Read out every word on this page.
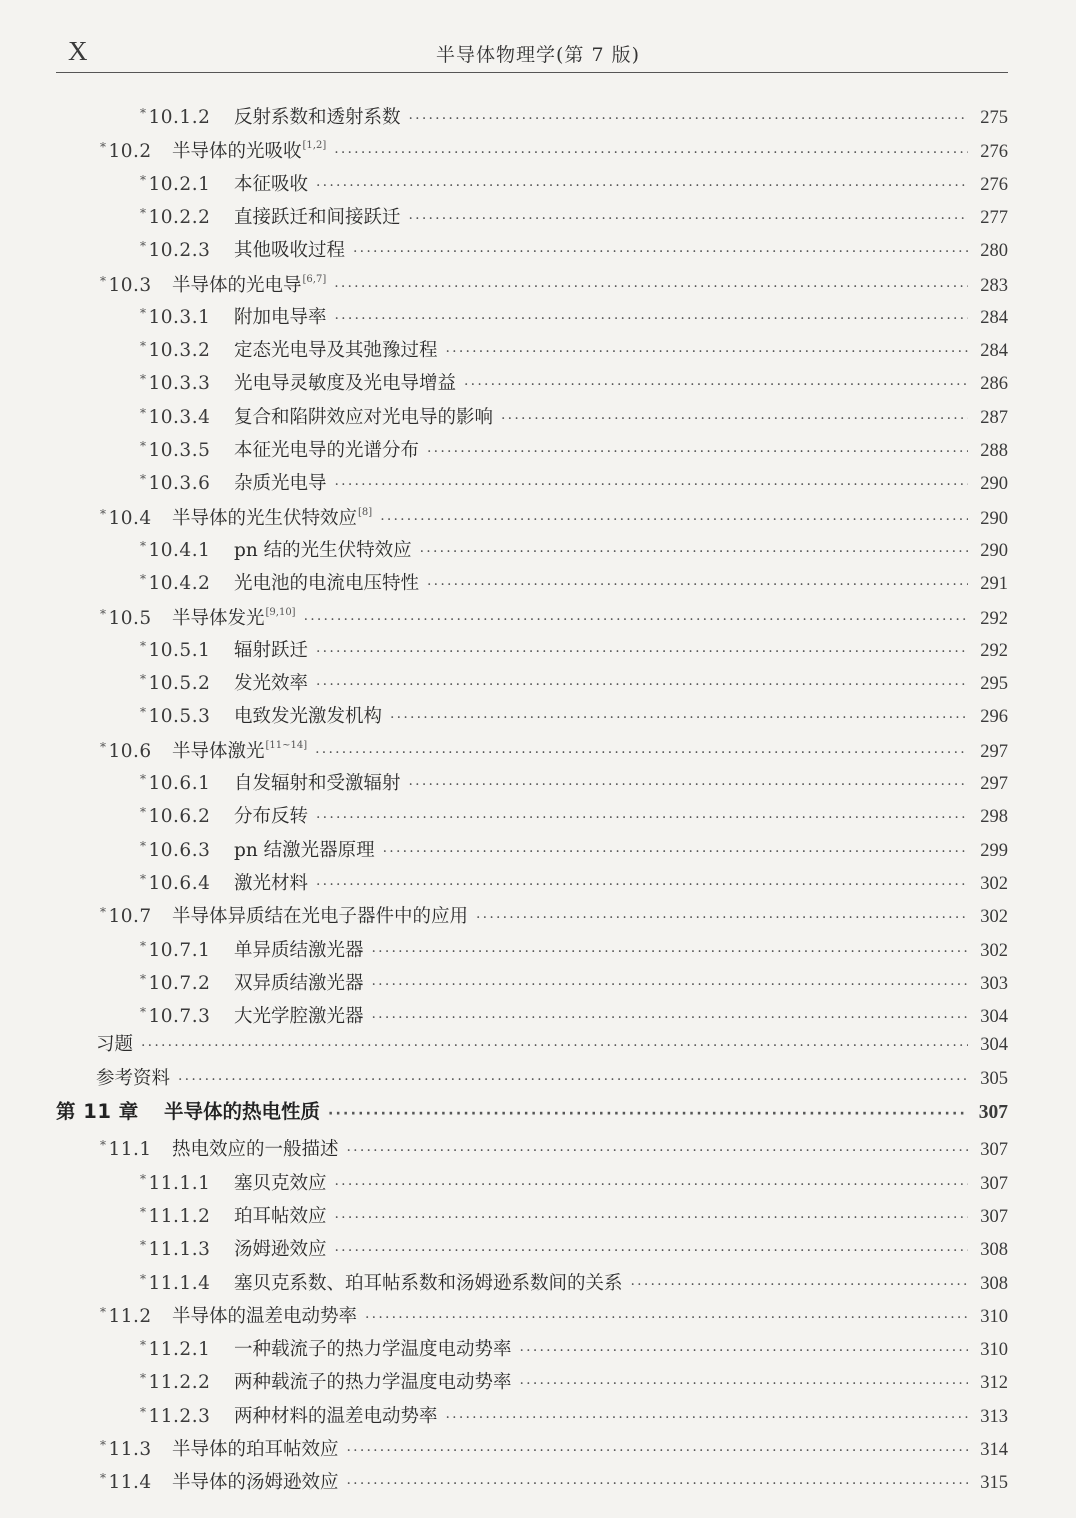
X	半导体物理学(第 7 版)
* 10.1.2	反射系数和透射系数 ·····	275
* 10.2	半导体的光吸收[1,2] ·····	276
* 10.2.1	本征吸收 ·····	276
* 10.2.2	直接跃迁和间接跃迁 ·····	277
* 10.2.3	其他吸收过程 ·····	280
* 10.3	半导体的光电导[6,7] ·····	283
* 10.3.1	附加电导率 ·····	284
* 10.3.2	定态光电导及其弛豫过程 ·····	284
* 10.3.3	光电导灵敏度及光电导增益 ·····	286
* 10.3.4	复合和陷阱效应对光电导的影响 ·····	287
* 10.3.5	本征光电导的光谱分布 ·····	288
* 10.3.6	杂质光电导 ·····	290
* 10.4	半导体的光生伏特效应[8] ·····	290
* 10.4.1	pn 结的光生伏特效应 ·····	290
* 10.4.2	光电池的电流电压特性 ·····	291
* 10.5	半导体发光[9,10] ·····	292
* 10.5.1	辐射跃迁 ·····	292
* 10.5.2	发光效率 ·····	295
* 10.5.3	电致发光激发机构 ·····	296
* 10.6	半导体激光[11~14] ·····	297
* 10.6.1	自发辐射和受激辐射 ·····	297
* 10.6.2	分布反转 ·····	298
* 10.6.3	pn 结激光器原理 ·····	299
* 10.6.4	激光材料 ·····	302
* 10.7	半导体异质结在光电子器件中的应用 ·····	302
* 10.7.1	单异质结激光器 ·····	302
* 10.7.2	双异质结激光器 ·····	303
* 10.7.3	大光学腔激光器 ·····	304
习题 ·····	304
参考资料 ·····	305
第 11 章	半导体的热电性质 ·····	307
* 11.1	热电效应的一般描述 ·····	307
* 11.1.1	塞贝克效应 ·····	307
* 11.1.2	珀耳帖效应 ·····	307
* 11.1.3	汤姆逊效应 ·····	308
* 11.1.4	塞贝克系数、珀耳帖系数和汤姆逊系数间的关系 ·····	308
* 11.2	半导体的温差电动势率 ·····	310
* 11.2.1	一种载流子的热力学温度电动势率 ·····	310
* 11.2.2	两种载流子的热力学温度电动势率 ·····	312
* 11.2.3	两种材料的温差电动势率 ·····	313
* 11.3	半导体的珀耳帖效应 ·····	314
* 11.4	半导体的汤姆逊效应 ·····	315
